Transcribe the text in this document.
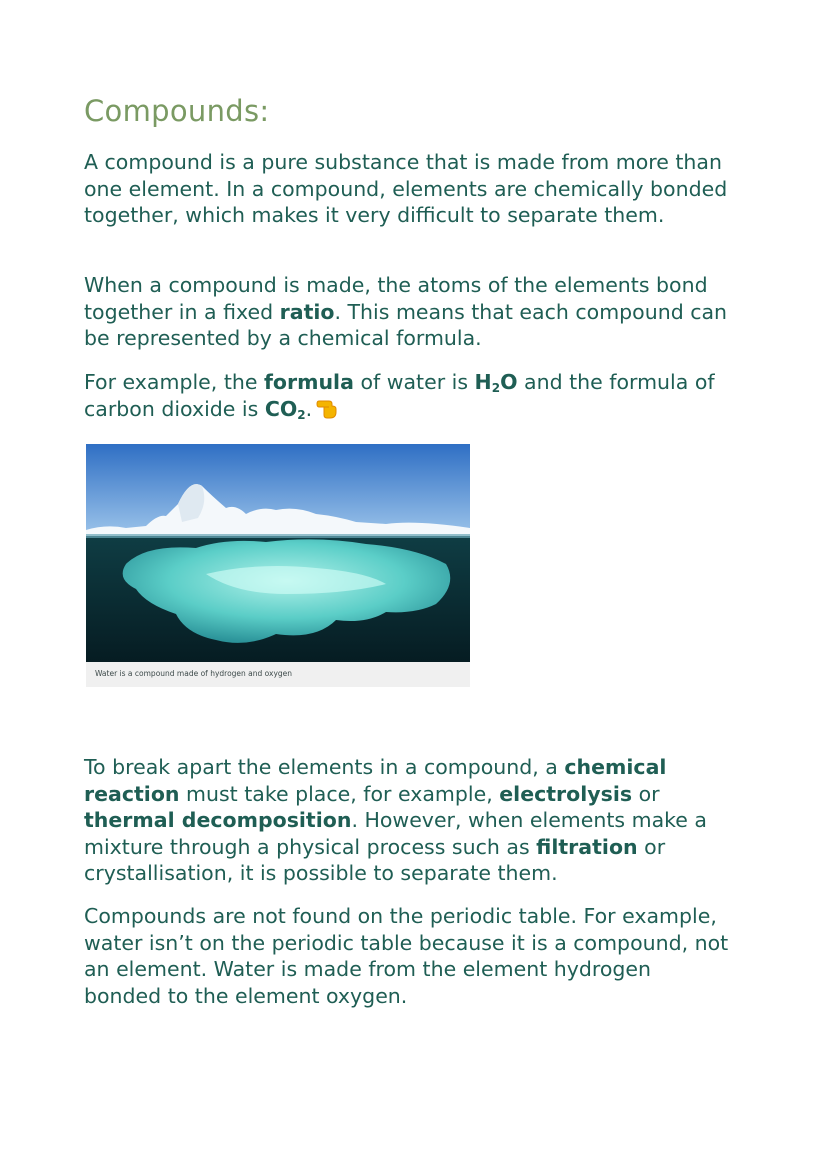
Compounds:

A compound is a pure substance that is made from more than one element. In a compound, elements are chemically bonded together, which makes it very difficult to separate them.

When a compound is made, the atoms of the elements bond together in a fixed ratio. This means that each compound can be represented by a chemical formula.

For example, the formula of water is $H_2O$ and the formula of carbon dioxide is $CO_2$.

Water is a compound made of hydrogen and oxygen

To break apart the elements in a compound, a chemical reaction must take place, for example, electrolysis or thermal decomposition. However, when elements make a mixture through a physical process such as filtration or crystallisation, it is possible to separate them.

Compounds are not found on the periodic table. For example, water isn’t on the periodic table because it is a compound, not an element. Water is made from the element hydrogen bonded to the element oxygen.
